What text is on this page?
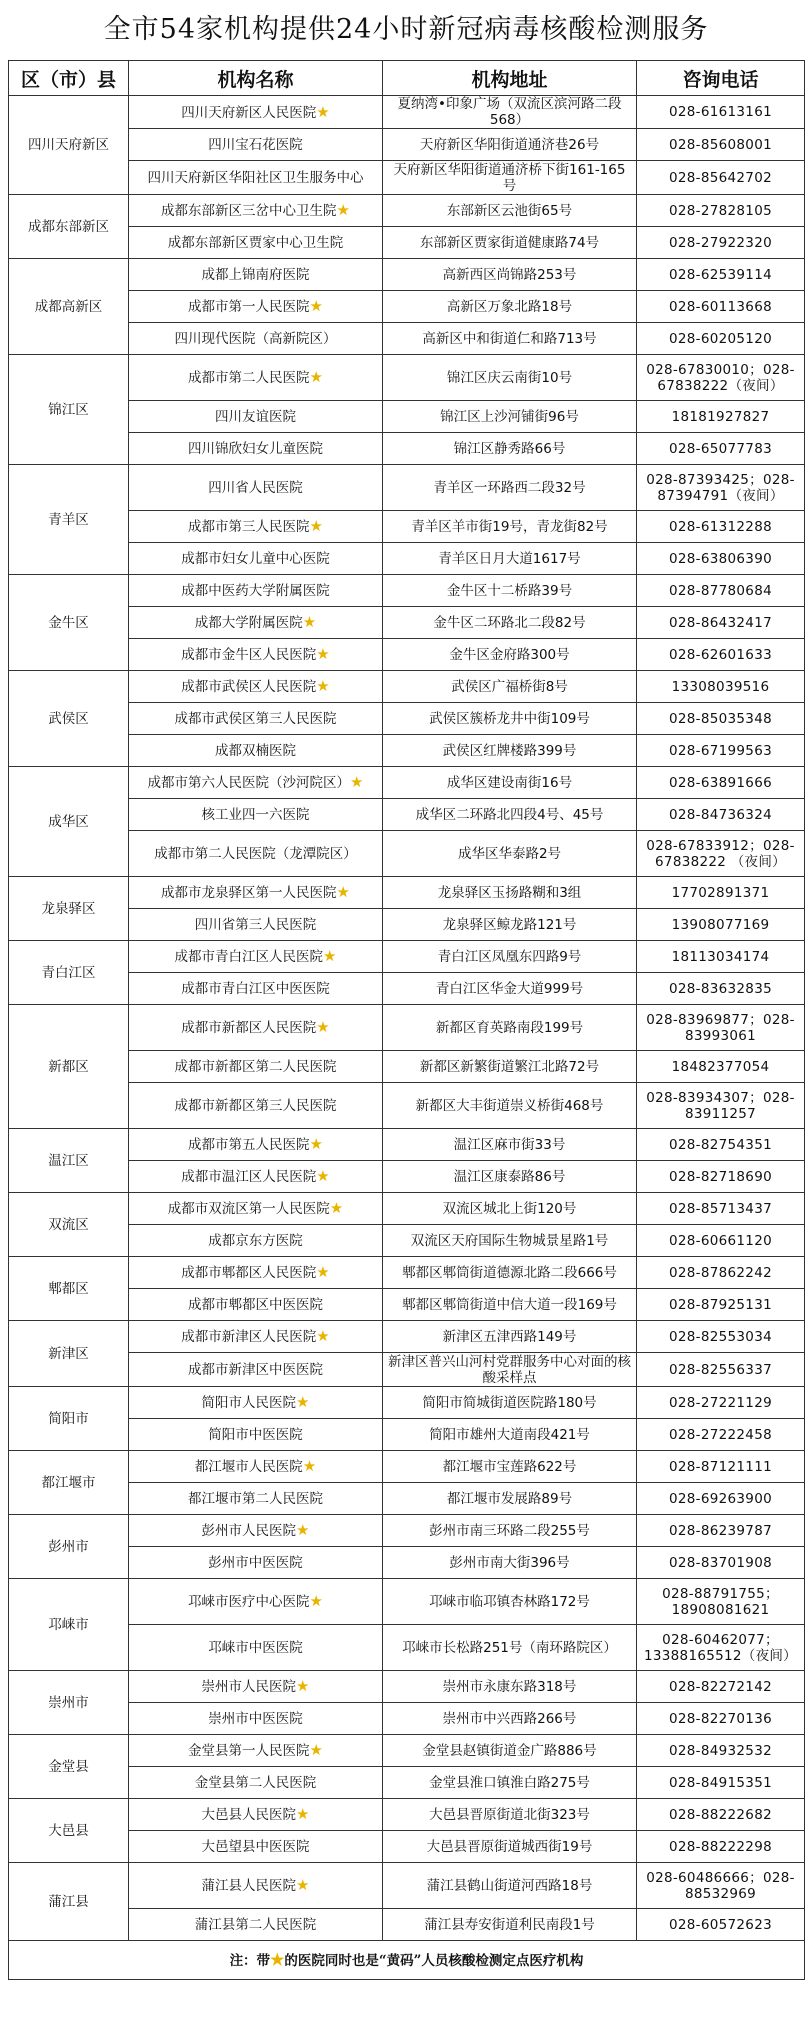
全市54家机构提供24小时新冠病毒核酸检测服务
区（市）县	机构名称	机构地址	咨询电话
四川天府新区	四川天府新区人民医院★	夏纳湾•印象广场（双流区滨河路二段568）	028-61613161
	四川宝石花医院	天府新区华阳街道通济巷26号	028-85608001
	四川天府新区华阳社区卫生服务中心	天府新区华阳街道通济桥下街161-165号	028-85642702
成都东部新区	成都东部新区三岔中心卫生院★	东部新区云池街65号	028-27828105
	成都东部新区贾家中心卫生院	东部新区贾家街道健康路74号	028-27922320
成都高新区	成都上锦南府医院	高新西区尚锦路253号	028-62539114
	成都市第一人民医院★	高新区万象北路18号	028-60113668
	四川现代医院（高新院区）	高新区中和街道仁和路713号	028-60205120
锦江区	成都市第二人民医院★	锦江区庆云南街10号	028-67830010；028-67838222（夜间）
	四川友谊医院	锦江区上沙河铺街96号	18181927827
	四川锦欣妇女儿童医院	锦江区静秀路66号	028-65077783
青羊区	四川省人民医院	青羊区一环路西二段32号	028-87393425；028-87394791（夜间）
	成都市第三人民医院★	青羊区羊市街19号，青龙街82号	028-61312288
	成都市妇女儿童中心医院	青羊区日月大道1617号	028-63806390
金牛区	成都中医药大学附属医院	金牛区十二桥路39号	028-87780684
	成都大学附属医院★	金牛区二环路北二段82号	028-86432417
	成都市金牛区人民医院★	金牛区金府路300号	028-62601633
武侯区	成都市武侯区人民医院★	武侯区广福桥街8号	13308039516
	成都市武侯区第三人民医院	武侯区簇桥龙井中街109号	028-85035348
	成都双楠医院	武侯区红牌楼路399号	028-67199563
成华区	成都市第六人民医院（沙河院区）★	成华区建设南街16号	028-63891666
	核工业四一六医院	成华区二环路北四段4号、45号	028-84736324
	成都市第二人民医院（龙潭院区）	成华区华泰路2号	028-67833912；028-67838222 （夜间）
龙泉驿区	成都市龙泉驿区第一人民医院★	龙泉驿区玉扬路糊和3组	17702891371
	四川省第三人民医院	龙泉驿区鲸龙路121号	13908077169
青白江区	成都市青白江区人民医院★	青白江区凤凰东四路9号	18113034174
	成都市青白江区中医医院	青白江区华金大道999号	028-83632835
新都区	成都市新都区人民医院★	新都区育英路南段199号	028-83969877；028-83993061
	成都市新都区第二人民医院	新都区新繁街道繁江北路72号	18482377054
	成都市新都区第三人民医院	新都区大丰街道崇义桥街468号	028-83934307；028-83911257
温江区	成都市第五人民医院★	温江区麻市街33号	028-82754351
	成都市温江区人民医院★	温江区康泰路86号	028-82718690
双流区	成都市双流区第一人民医院★	双流区城北上街120号	028-85713437
	成都京东方医院	双流区天府国际生物城景星路1号	028-60661120
郫都区	成都市郫都区人民医院★	郫都区郫筒街道德源北路二段666号	028-87862242
	成都市郫都区中医医院	郫都区郫筒街道中信大道一段169号	028-87925131
新津区	成都市新津区人民医院★	新津区五津西路149号	028-82553034
	成都市新津区中医医院	新津区普兴山河村党群服务中心对面的核酸采样点	028-82556337
简阳市	简阳市人民医院★	简阳市简城街道医院路180号	028-27221129
	简阳市中医医院	简阳市雄州大道南段421号	028-27222458
都江堰市	都江堰市人民医院★	都江堰市宝莲路622号	028-87121111
	都江堰市第二人民医院	都江堰市发展路89号	028-69263900
彭州市	彭州市人民医院★	彭州市南三环路二段255号	028-86239787
	彭州市中医医院	彭州市南大街396号	028-83701908
邛崃市	邛崃市医疗中心医院★	邛崃市临邛镇杏林路172号	028-88791755；18908081621
	邛崃市中医医院	邛崃市长松路251号（南环路院区）	028-60462077；13388165512（夜间）
崇州市	崇州市人民医院★	崇州市永康东路318号	028-82272142
	崇州市中医医院	崇州市中兴西路266号	028-82270136
金堂县	金堂县第一人民医院★	金堂县赵镇街道金广路886号	028-84932532
	金堂县第二人民医院	金堂县淮口镇淮白路275号	028-84915351
大邑县	大邑县人民医院★	大邑县晋原街道北街323号	028-88222682
	大邑望县中医医院	大邑县晋原街道城西街19号	028-88222298
蒲江县	蒲江县人民医院★	蒲江县鹤山街道河西路18号	028-60486666；028-88532969
	蒲江县第二人民医院	蒲江县寿安街道利民南段1号	028-60572623
注：带★的医院同时也是“黄码”人员核酸检测定点医疗机构			
